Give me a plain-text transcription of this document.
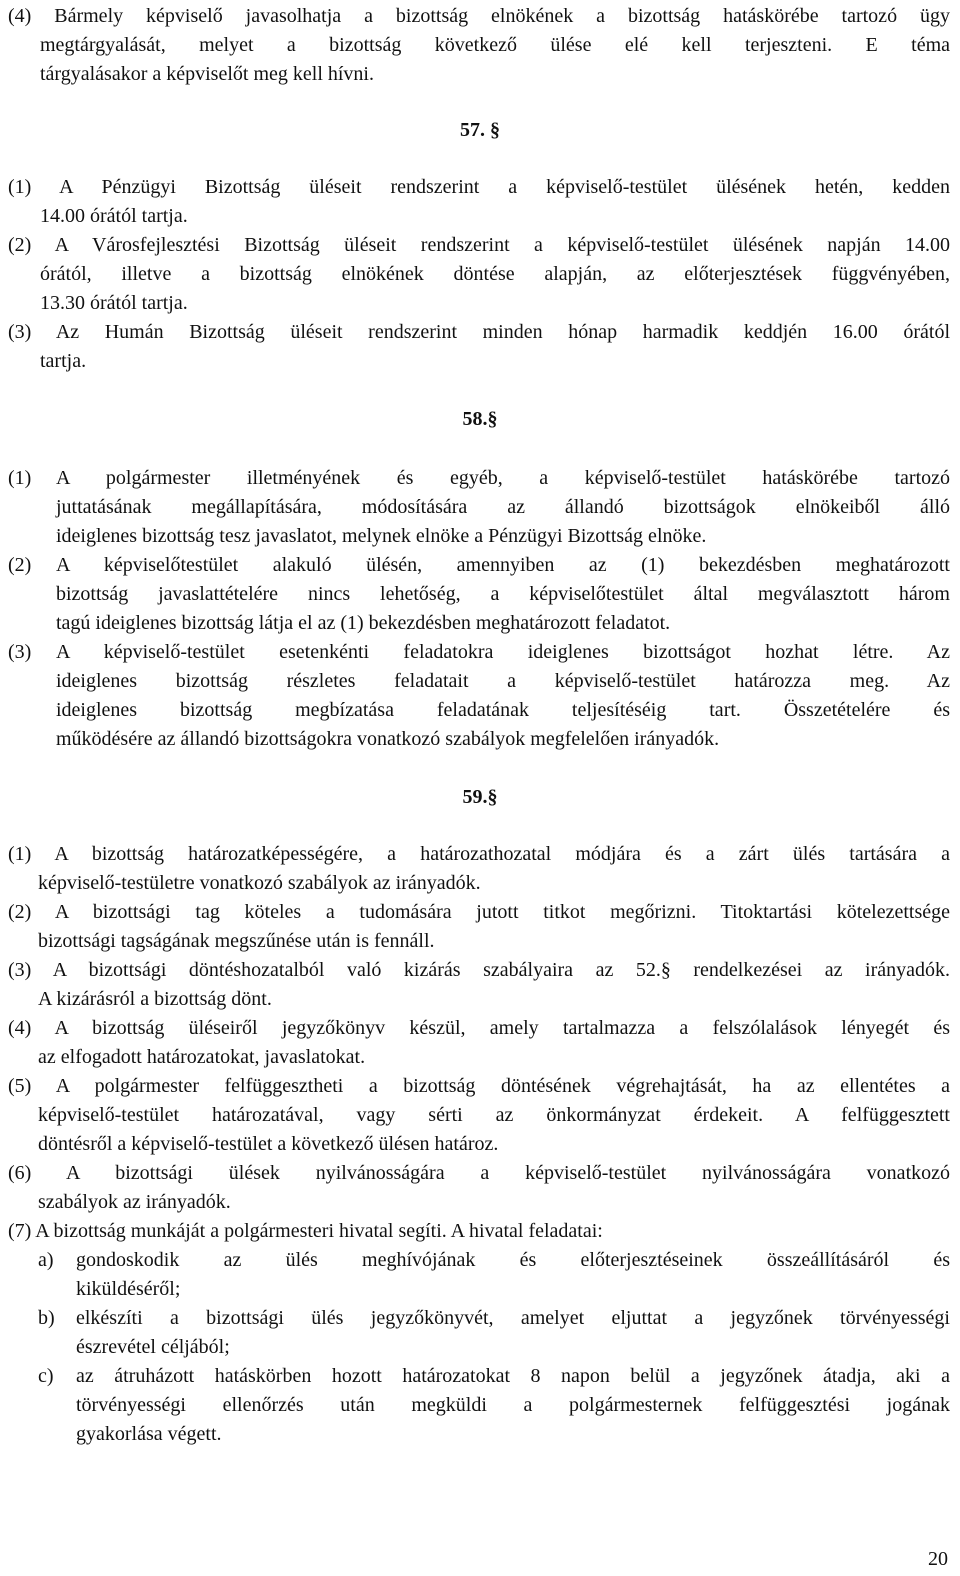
(4) Bármely képviselő javasolhatja a bizottság elnökének a bizottság hatáskörébe tartozó ügy
megtárgyalását, melyet a bizottság következő ülése elé kell terjeszteni. E téma
tárgyalásakor a képviselőt meg kell hívni.
57. §
(1) A Pénzügyi Bizottság üléseit rendszerint a képviselő-testület ülésének hetén, kedden
14.00 órától tartja.
(2) A Városfejlesztési Bizottság üléseit rendszerint a képviselő-testület ülésének napján 14.00
órától, illetve a bizottság elnökének döntése alapján, az előterjesztések függvényében,
13.30 órától tartja.
(3) Az Humán Bizottság üléseit rendszerint minden hónap harmadik keddjén 16.00 órától
tartja.
58.§
(1) A polgármester illetményének és egyéb, a képviselő-testület hatáskörébe tartozó
juttatásának megállapítására, módosítására az állandó bizottságok elnökeiből álló
ideiglenes bizottság tesz javaslatot, melynek elnöke a Pénzügyi Bizottság elnöke.
(2) A képviselőtestület alakuló ülésén, amennyiben az (1) bekezdésben meghatározott
bizottság javaslattételére nincs lehetőség, a képviselőtestület által megválasztott három
tagú ideiglenes bizottság látja el az (1) bekezdésben meghatározott feladatot.
(3) A képviselő-testület esetenkénti feladatokra ideiglenes bizottságot hozhat létre. Az
ideiglenes bizottság részletes feladatait a képviselő-testület határozza meg. Az
ideiglenes bizottság megbízatása feladatának teljesítéséig tart. Összetételére és
működésére az állandó bizottságokra vonatkozó szabályok megfelelően irányadók.
59.§
(1) A bizottság határozatképességére, a határozathozatal módjára és a zárt ülés tartására a
képviselő-testületre vonatkozó szabályok az irányadók.
(2) A bizottsági tag köteles a tudomására jutott titkot megőrizni. Titoktartási kötelezettsége
bizottsági tagságának megszűnése után is fennáll.
(3) A bizottsági döntéshozatalból való kizárás szabályaira az 52.§ rendelkezései az irányadók.
A kizárásról a bizottság dönt.
(4) A bizottság üléseiről jegyzőkönyv készül, amely tartalmazza a felszólalások lényegét és
az elfogadott határozatokat, javaslatokat.
(5) A polgármester felfüggesztheti a bizottság döntésének végrehajtását, ha az ellentétes a
képviselő-testület határozatával, vagy sérti az önkormányzat érdekeit. A felfüggesztett
döntésről a képviselő-testület a következő ülésen határoz.
(6) A bizottsági ülések nyilvánosságára a képviselő-testület nyilvánosságára vonatkozó
szabályok az irányadók.
(7) A bizottság munkáját a polgármesteri hivatal segíti. A hivatal feladatai:
a) gondoskodik az ülés meghívójának és előterjesztéseinek összeállításáról és
kiküldéséről;
b) elkészíti a bizottsági ülés jegyzőkönyvét, amelyet eljuttat a jegyzőnek törvényességi
észrevétel céljából;
c) az átruházott hatáskörben hozott határozatokat 8 napon belül a jegyzőnek átadja, aki a
törvényességi ellenőrzés után megküldi a polgármesternek felfüggesztési jogának
gyakorlása végett.
20
